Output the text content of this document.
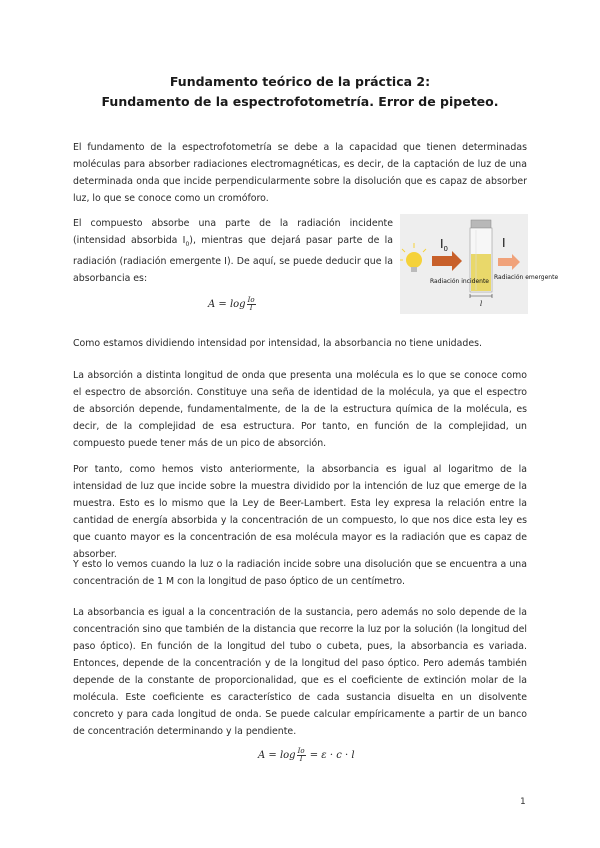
Fundamento teórico de la práctica 2:
Fundamento de la espectrofotometría. Error de pipeteo.

El fundamento de la espectrofotometría se debe a la capacidad que tienen determinadas moléculas para absorber radiaciones electromagnéticas, es decir, de la captación de luz de una determinada onda que incide perpendicularmente sobre la disolución que es capaz de absorber luz, lo que se conoce como un cromóforo.

El compuesto absorbe una parte de la radiación incidente (intensidad absorbida $I_0$), mientras que dejará pasar parte de la radiación (radiación emergente I). De aquí, se puede deducir que la absorbancia es:

$A = \log \frac{Io}{I}$
$I_0$	I
Radiación incidente
Radiación emergente
l

Como estamos dividiendo intensidad por intensidad, la absorbancia no tiene unidades.

La absorción a distinta longitud de onda que presenta una molécula es lo que se conoce como el espectro de absorción. Constituye una seña de identidad de la molécula, ya que el espectro de absorción depende, fundamentalmente, de la de la estructura química de la molécula, es decir, de la complejidad de esa estructura. Por tanto, en función de la complejidad, un compuesto puede tener más de un pico de absorción.

Por tanto, como hemos visto anteriormente, la absorbancia es igual al logaritmo de la intensidad de luz que incide sobre la muestra dividido por la intención de luz que emerge de la muestra. Esto es lo mismo que la Ley de Beer-Lambert. Esta ley expresa la relación entre la cantidad de energía absorbida y la concentración de un compuesto, lo que nos dice esta ley es que cuanto mayor es la concentración de esa molécula mayor es la radiación que es capaz de absorber.

Y esto lo vemos cuando la luz o la radiación incide sobre una disolución que se encuentra a una concentración de 1 M con la longitud de paso óptico de un centímetro.

La absorbancia es igual a la concentración de la sustancia, pero además no solo depende de la concentración sino que también de la distancia que recorre la luz por la solución (la longitud del paso óptico). En función de la longitud del tubo o cubeta, pues, la absorbancia es variada. Entonces, depende de la concentración y de la longitud del paso óptico. Pero además también depende de la constante de proporcionalidad, que es el coeficiente de extinción molar de la molécula. Este coeficiente es característico de cada sustancia disuelta en un disolvente concreto y para cada longitud de onda. Se puede calcular empíricamente a partir de un banco de concentración determinando y la pendiente.

$A = \log \frac{Io}{I} = \varepsilon \cdot c \cdot l$
1
